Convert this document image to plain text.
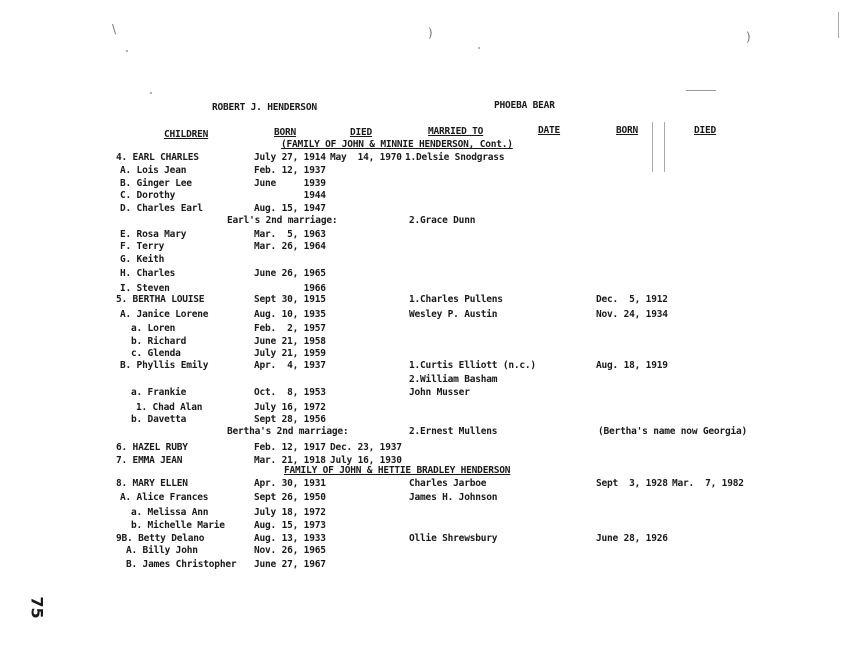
\	)	)
ROBERT J. HENDERSON	PHOEBA BEAR
CHILDREN	BORN	DIED	MARRIED TO	DATE	BORN	DIED
(FAMILY OF JOHN & MINNIE HENDERSON, Cont.)
4. EARL CHARLES	July 27, 1914 May  14, 1970 1.Delsie Snodgrass
A. Lois Jean	Feb. 12, 1937
B. Ginger Lee	June     1939
C. Dorothy	1944
D. Charles Earl	Aug. 15, 1947
Earl's 2nd marriage:	2.Grace Dunn
E. Rosa Mary	Mar.  5, 1963
F. Terry	Mar. 26, 1964
G. Keith
H. Charles	June 26, 1965
I. Steven	1966
5. BERTHA LOUISE	Sept 30, 1915	1.Charles Pullens	Dec.  5, 1912
A. Janice Lorene	Aug. 10, 1935	Wesley P. Austin	Nov. 24, 1934
a. Loren	Feb.  2, 1957
b. Richard	June 21, 1958
c. Glenda	July 21, 1959
B. Phyllis Emily	Apr.  4, 1937	1.Curtis Elliott (n.c.)	Aug. 18, 1919
2.William Basham
a. Frankie	Oct.  8, 1953	John Musser
1. Chad Alan	July 16, 1972
b. Davetta	Sept 28, 1956
Bertha's 2nd marriage:	2.Ernest Mullens	(Bertha's name now Georgia)
6. HAZEL RUBY	Feb. 12, 1917 Dec. 23, 1937
7. EMMA JEAN	Mar. 21, 1918 July 16, 1930
8. MARY ELLEN	Apr. 30, 1931	Charles Jarboe	Sept  3, 1928 Mar.  7, 1982
A. Alice Frances	Sept 26, 1950	James H. Johnson
a. Melissa Ann	July 18, 1972
b. Michelle Marie	Aug. 15, 1973
9B. Betty Delano	Aug. 13, 1933	Ollie Shrewsbury	June 28, 1926
A. Billy John	Nov. 26, 1965
B. James Christopher June 27, 1967
FAMILY OF JOHN & HETTIE BRADLEY HENDERSON
75
